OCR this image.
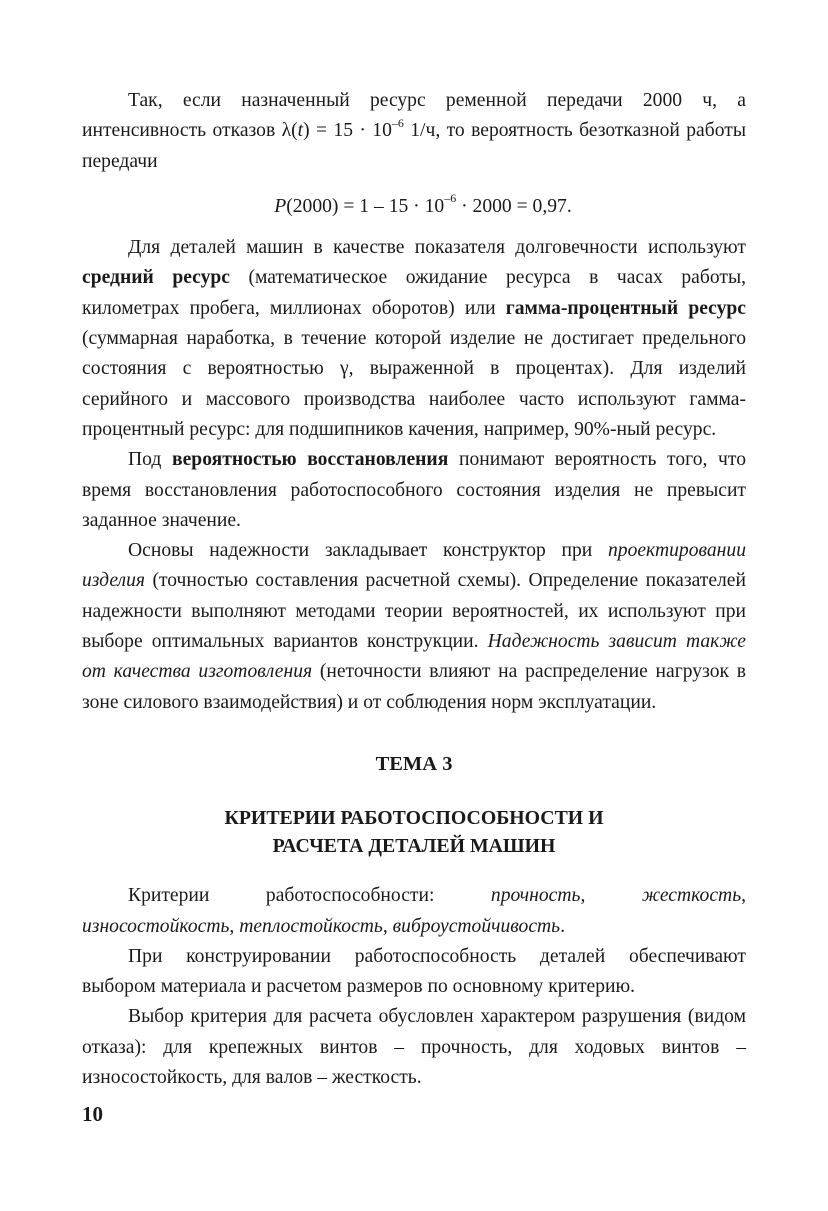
Так, если назначенный ресурс ременной передачи 2000 ч, а интенсивность отказов $\lambda(t) = 15 \cdot 10^{-6}$ 1/ч, то вероятность безотказной работы передачи

$P(2000) = 1 - 15 \cdot 10^{-6} \cdot 2000 = 0,97$.

Для деталей машин в качестве показателя долговечности используют средний ресурс (математическое ожидание ресурса в часах работы, километрах пробега, миллионах оборотов) или гамма-процентный ресурс (суммарная наработка, в течение которой изделие не достигает предельного состояния с вероятностью γ, выраженной в процентах). Для изделий серийного и массового производства наиболее часто используют гамма-процентный ресурс: для подшипников качения, например, 90%-ный ресурс.

Под вероятностью восстановления понимают вероятность того, что время восстановления работоспособного состояния изделия не превысит заданное значение.

Основы надежности закладывает конструктор при проектировании изделия (точностью составления расчетной схемы). Определение показателей надежности выполняют методами теории вероятностей, их используют при выборе оптимальных вариантов конструкции. Надежность зависит также от качества изготовления (неточности влияют на распределение нагрузок в зоне силового взаимодействия) и от соблюдения норм эксплуатации.

ТЕМА 3

КРИТЕРИИ РАБОТОСПОСОБНОСТИ И
РАСЧЕТА ДЕТАЛЕЙ МАШИН

Критерии работоспособности: прочность, жесткость, износостойкость, теплостойкость, виброустойчивость.

При конструировании работоспособность деталей обеспечивают выбором материала и расчетом размеров по основному критерию.

Выбор критерия для расчета обусловлен характером разрушения (видом отказа): для крепежных винтов – прочность, для ходовых винтов – износостойкость, для валов – жесткость.

10
